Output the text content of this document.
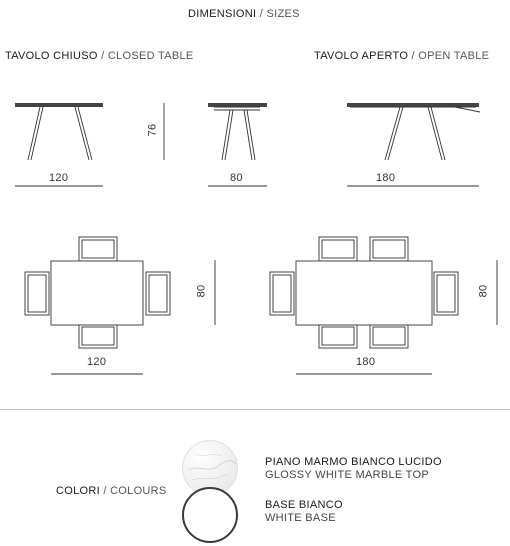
DIMENSIONI / SIZES
TAVOLO CHIUSO / CLOSED TABLE	TAVOLO APERTO / OPEN TABLE
120	80	180
76
80	80
120	180
COLORI / COLOURS
PIANO MARMO BIANCO LUCIDO
GLOSSY WHITE MARBLE TOP
BASE BIANCO
WHITE BASE
